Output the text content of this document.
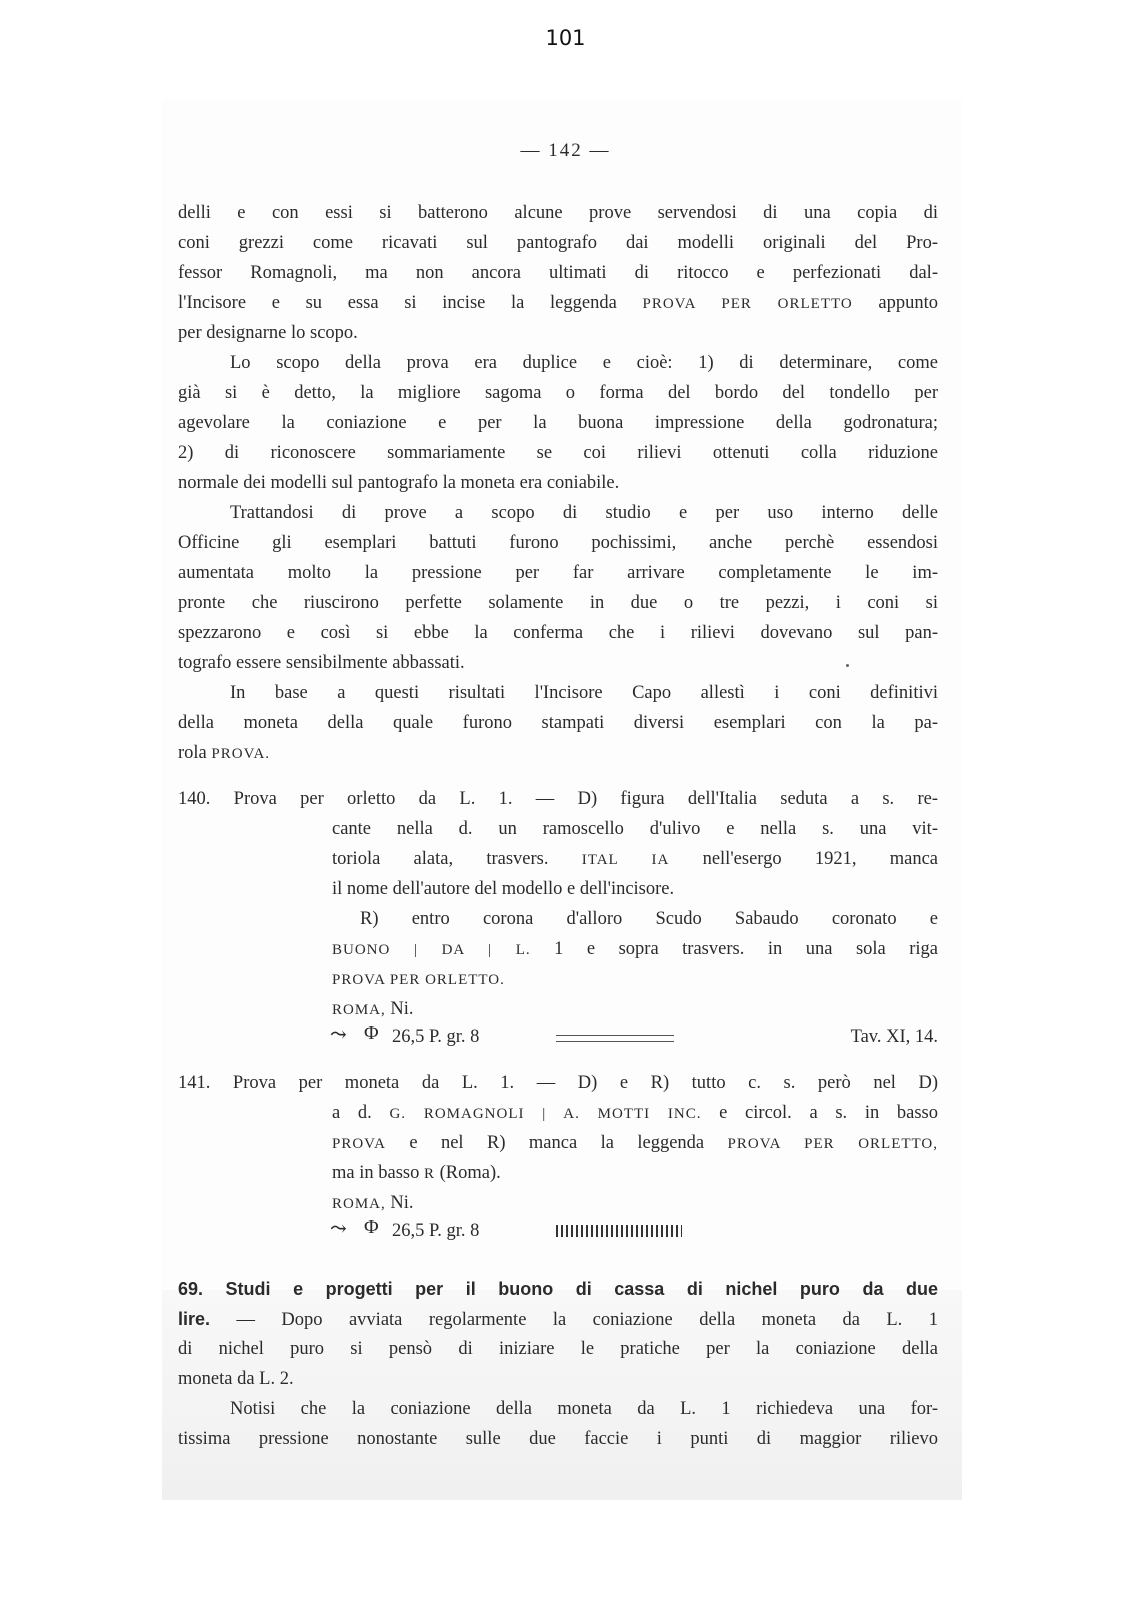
101
— 142 —
delli e con essi si batterono alcune prove servendosi di una copia di
coni grezzi come ricavati sul pantografo dai modelli originali del Pro-
fessor Romagnoli, ma non ancora ultimati di ritocco e perfezionati dal-
l'Incisore e su essa si incise la leggenda PROVA PER ORLETTO appunto
per designarne lo scopo.
Lo scopo della prova era duplice e cioè: 1) di determinare, come
già si è detto, la migliore sagoma o forma del bordo del tondello per
agevolare la coniazione e per la buona impressione della godronatura;
2) di riconoscere sommariamente se coi rilievi ottenuti colla riduzione
normale dei modelli sul pantografo la moneta era coniabile.
Trattandosi di prove a scopo di studio e per uso interno delle
Officine gli esemplari battuti furono pochissimi, anche perchè essendosi
aumentata molto la pressione per far arrivare completamente le im-
pronte che riuscirono perfette solamente in due o tre pezzi, i coni si
spezzarono e così si ebbe la conferma che i rilievi dovevano sul pan-
tografo essere sensibilmente abbassati.
In base a questi risultati l'Incisore Capo allestì i coni definitivi
della moneta della quale furono stampati diversi esemplari con la pa-
rola PROVA.
140. Prova per orletto da L. 1. — D) figura dell'Italia seduta a s. re-
cante nella d. un ramoscello d'ulivo e nella s. una vit-
toriola alata, trasvers. ITAL IA nell'esergo 1921, manca
il nome dell'autore del modello e dell'incisore.
R) entro corona d'alloro Scudo Sabaudo coronato e
BUONO | DA | L. 1 e sopra trasvers. in una sola riga
PROVA PER ORLETTO.
ROMA, Ni.
⤳ Φ 26,5 P. gr. 8	Tav. XI, 14.
141. Prova per moneta da L. 1. — D) e R) tutto c. s. però nel D)
a d. G. ROMAGNOLI | A. MOTTI INC. e circol. a s. in basso
PROVA e nel R) manca la leggenda PROVA PER ORLETTO,
ma in basso R (Roma).
ROMA, Ni.
⤳ Φ 26,5 P. gr. 8
69. Studi e progetti per il buono di cassa di nichel puro da due
lire. — Dopo avviata regolarmente la coniazione della moneta da L. 1
di nichel puro si pensò di iniziare le pratiche per la coniazione della
moneta da L. 2.
Notisi che la coniazione della moneta da L. 1 richiedeva una for-
tissima pressione nonostante sulle due faccie i punti di maggior rilievo
